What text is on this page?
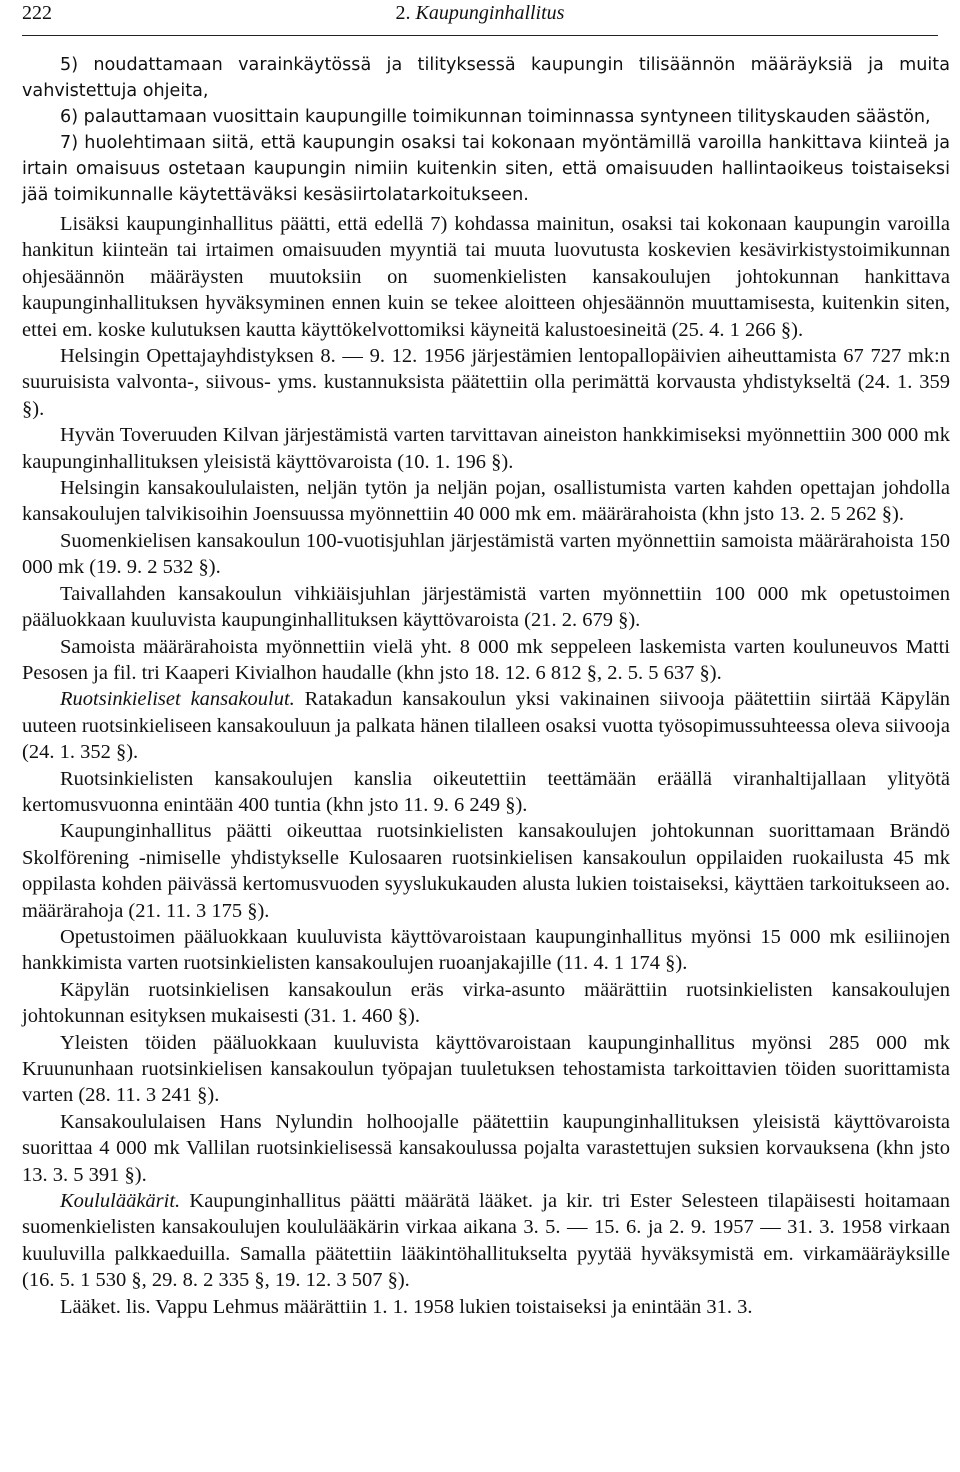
222	2. Kaupunginhallitus

5) noudattamaan varainkäytössä ja tilityksessä kaupungin tilisäännön määräyksiä ja muita vahvistettuja ohjeita,

6) palauttamaan vuosittain kaupungille toimikunnan toiminnassa syntyneen tilityskauden säästön,

7) huolehtimaan siitä, että kaupungin osaksi tai kokonaan myöntämillä varoilla hankittava kiinteä ja irtain omaisuus ostetaan kaupungin nimiin kuitenkin siten, että omaisuuden hallintaoikeus toistaiseksi jää toimikunnalle käytettäväksi kesäsiirtolatarkoitukseen.

Lisäksi kaupunginhallitus päätti, että edellä 7) kohdassa mainitun, osaksi tai kokonaan kaupungin varoilla hankitun kiinteän tai irtaimen omaisuuden myyntiä tai muuta luovutusta koskevien kesävirkistystoimikunnan ohjesäännön määräysten muutoksiin on suomenkielisten kansakoulujen johtokunnan hankittava kaupunginhallituksen hyväksyminen ennen kuin se tekee aloitteen ohjesäännön muuttamisesta, kuitenkin siten, ettei em. koske kulutuksen kautta käyttökelvottomiksi käyneitä kalustoesineitä (25. 4. 1 266 §).

Helsingin Opettajayhdistyksen 8. — 9. 12. 1956 järjestämien lentopallopäivien aiheuttamista 67 727 mk:n suuruisista valvonta-, siivous- yms. kustannuksista päätettiin olla perimättä korvausta yhdistykseltä (24. 1. 359 §).

Hyvän Toveruuden Kilvan järjestämistä varten tarvittavan aineiston hankkimiseksi myönnettiin 300 000 mk kaupunginhallituksen yleisistä käyttövaroista (10. 1. 196 §).

Helsingin kansakoululaisten, neljän tytön ja neljän pojan, osallistumista varten kahden opettajan johdolla kansakoulujen talvikisoihin Joensuussa myönnettiin 40 000 mk em. määrärahoista (khn jsto 13. 2. 5 262 §).

Suomenkielisen kansakoulun 100-vuotisjuhlan järjestämistä varten myönnettiin samoista määrärahoista 150 000 mk (19. 9. 2 532 §).

Taivallahden kansakoulun vihkiäisjuhlan järjestämistä varten myönnettiin 100 000 mk opetustoimen pääluokkaan kuuluvista kaupunginhallituksen käyttövaroista (21. 2. 679 §).

Samoista määrärahoista myönnettiin vielä yht. 8 000 mk seppeleen laskemista varten kouluneuvos Matti Pesosen ja fil. tri Kaaperi Kivialhon haudalle (khn jsto 18. 12. 6 812 §, 2. 5. 5 637 §).

Ruotsinkieliset kansakoulut. Ratakadun kansakoulun yksi vakinainen siivooja päätettiin siirtää Käpylän uuteen ruotsinkieliseen kansakouluun ja palkata hänen tilalleen osaksi vuotta työsopimussuhteessa oleva siivooja (24. 1. 352 §).

Ruotsinkielisten kansakoulujen kanslia oikeutettiin teettämään eräällä viranhaltijallaan ylityötä kertomusvuonna enintään 400 tuntia (khn jsto 11. 9. 6 249 §).

Kaupunginhallitus päätti oikeuttaa ruotsinkielisten kansakoulujen johtokunnan suorittamaan Brändö Skolförening -nimiselle yhdistykselle Kulosaaren ruotsinkielisen kansakoulun oppilaiden ruokailusta 45 mk oppilasta kohden päivässä kertomusvuoden syyslukukauden alusta lukien toistaiseksi, käyttäen tarkoitukseen ao. määrärahoja (21. 11. 3 175 §).

Opetustoimen pääluokkaan kuuluvista käyttövaroistaan kaupunginhallitus myönsi 15 000 mk esiliinojen hankkimista varten ruotsinkielisten kansakoulujen ruoanjakajille (11. 4. 1 174 §).

Käpylän ruotsinkielisen kansakoulun eräs virka-asunto määrättiin ruotsinkielisten kansakoulujen johtokunnan esityksen mukaisesti (31. 1. 460 §).

Yleisten töiden pääluokkaan kuuluvista käyttövaroistaan kaupunginhallitus myönsi 285 000 mk Kruununhaan ruotsinkielisen kansakoulun työpajan tuuletuksen tehostamista tarkoittavien töiden suorittamista varten (28. 11. 3 241 §).

Kansakoululaisen Hans Nylundin holhoojalle päätettiin kaupunginhallituksen yleisistä käyttövaroista suorittaa 4 000 mk Vallilan ruotsinkielisessä kansakoulussa pojalta varastettujen suksien korvauksena (khn jsto 13. 3. 5 391 §).

Koululääkärit. Kaupunginhallitus päätti määrätä lääket. ja kir. tri Ester Selesteen tilapäisesti hoitamaan suomenkielisten kansakoulujen koululääkärin virkaa aikana 3. 5. — 15. 6. ja 2. 9. 1957 — 31. 3. 1958 virkaan kuuluvilla palkkaeduilla. Samalla päätettiin lääkintöhallitukselta pyytää hyväksymistä em. virkamääräyksille (16. 5. 1 530 §, 29. 8. 2 335 §, 19. 12. 3 507 §).

Lääket. lis. Vappu Lehmus määrättiin 1. 1. 1958 lukien toistaiseksi ja enintään 31. 3.
